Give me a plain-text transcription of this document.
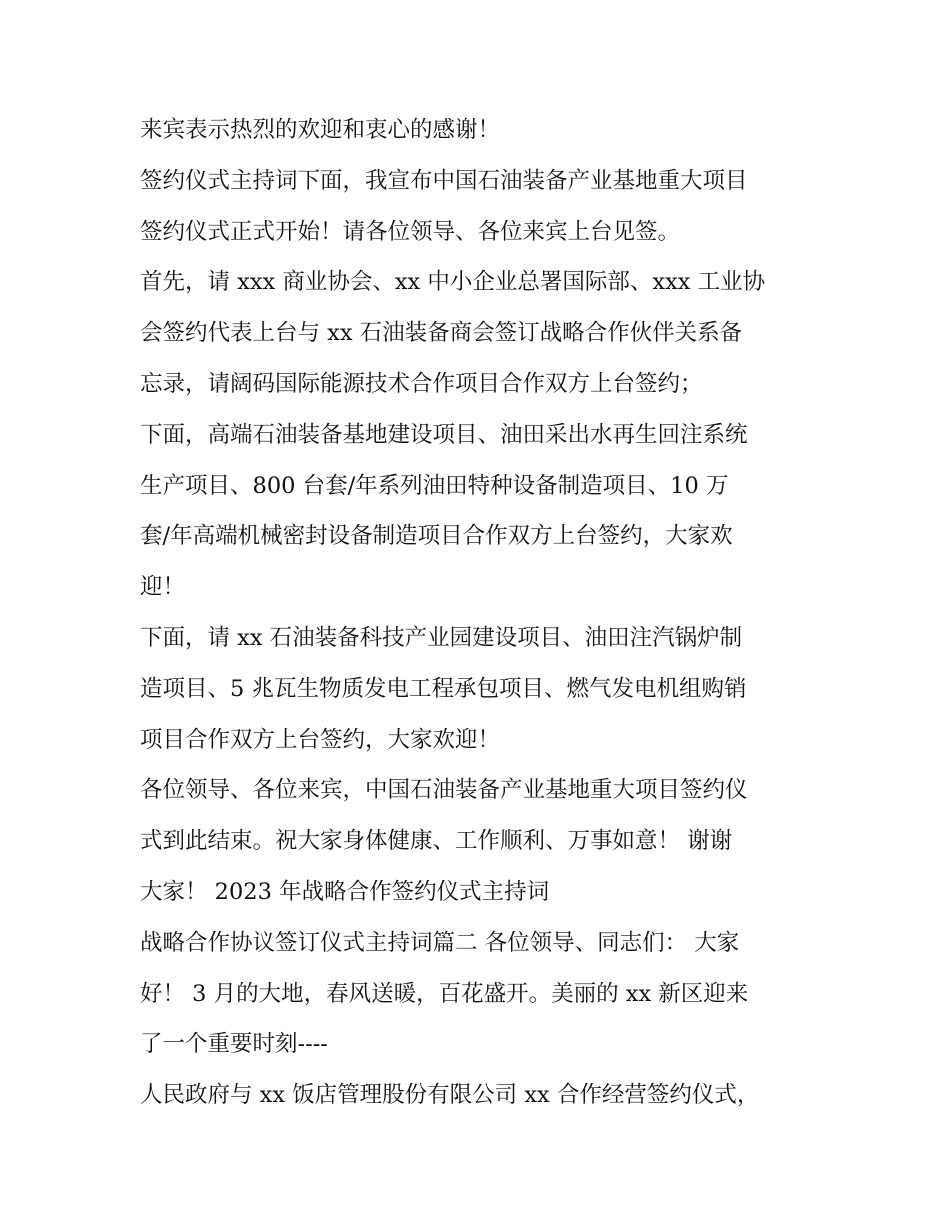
来宾表示热烈的欢迎和衷心的感谢！
签约仪式主持词下面，我宣布中国石油装备产业基地重大项目
签约仪式正式开始！请各位领导、各位来宾上台见签。
首先，请 xxx 商业协会、xx 中小企业总署国际部、xxx 工业协
会签约代表上台与 xx 石油装备商会签订战略合作伙伴关系备
忘录，请阔码国际能源技术合作项目合作双方上台签约；
下面，高端石油装备基地建设项目、油田采出水再生回注系统
生产项目、800 台套/年系列油田特种设备制造项目、10 万
套/年高端机械密封设备制造项目合作双方上台签约，大家欢
迎！
下面，请 xx 石油装备科技产业园建设项目、油田注汽锅炉制
造项目、5 兆瓦生物质发电工程承包项目、燃气发电机组购销
项目合作双方上台签约，大家欢迎！
各位领导、各位来宾，中国石油装备产业基地重大项目签约仪
式到此结束。祝大家身体健康、工作顺利、万事如意！ 谢谢
大家！ 2023 年战略合作签约仪式主持词
战略合作协议签订仪式主持词篇二 各位领导、同志们： 大家
好！ 3 月的大地，春风送暖，百花盛开。美丽的 xx 新区迎来
了一个重要时刻----
人民政府与 xx 饭店管理股份有限公司 xx 合作经营签约仪式，
